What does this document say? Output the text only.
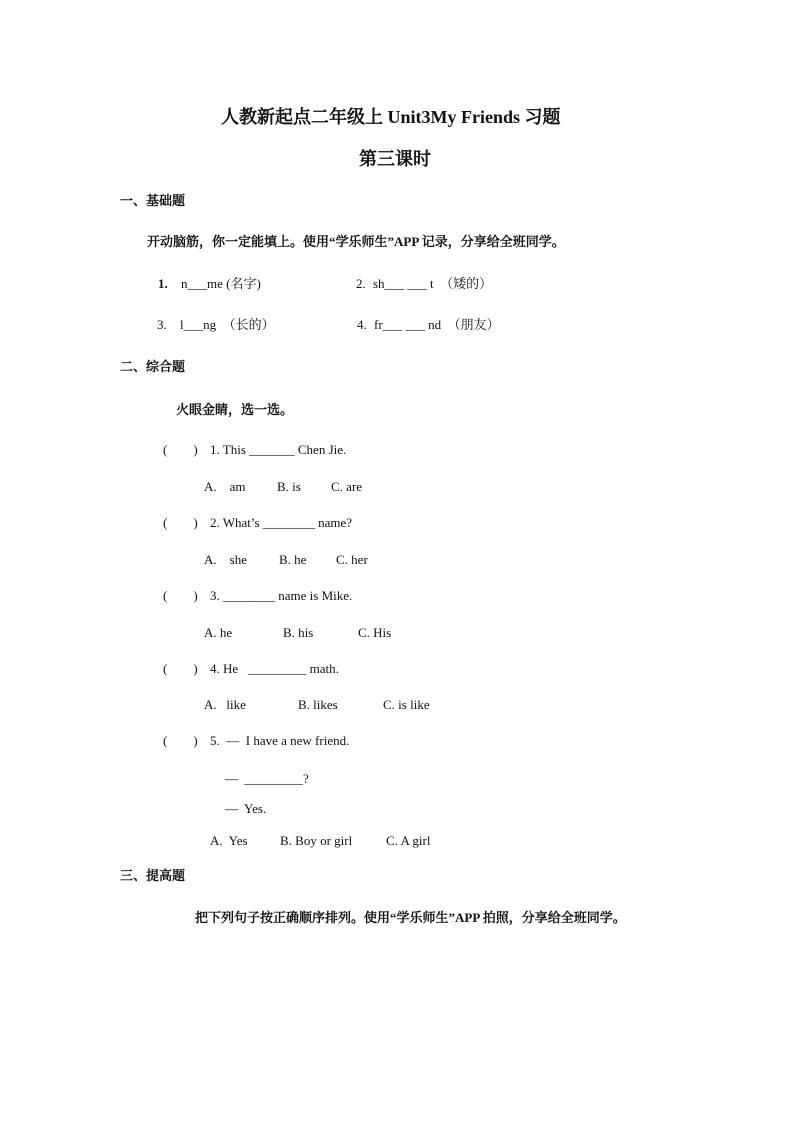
人教新起点二年级上 Unit3My Friends 习题
第三课时
一、基础题
开动脑筋，你一定能填上。使用“学乐师生”APP 记录，分享给全班同学。
1. n___me (名字)	2. sh___ ___ t  （矮的）
3. l___ng  （长的）	4. fr___ ___ nd  （朋友）
二、综合题
火眼金睛，选一选。
(        ) 1. This _______ Chen Jie.
A.    am B. is C. are
(        ) 2. What’s ________ name?
A.    she B. he C. her
(        ) 3. ________ name is Mike.
A. he	B. his	C. His
(        ) 4. He   _________ math.
A.   like	B. likes	C. is like
(        ) 5.  —  I have a new friend.
—  _________?
—  Yes.
A.  Yes B. Boy or girl	C. A girl
三、提高题
把下列句子按正确顺序排列。使用“学乐师生”APP 拍照，分享给全班同学。
